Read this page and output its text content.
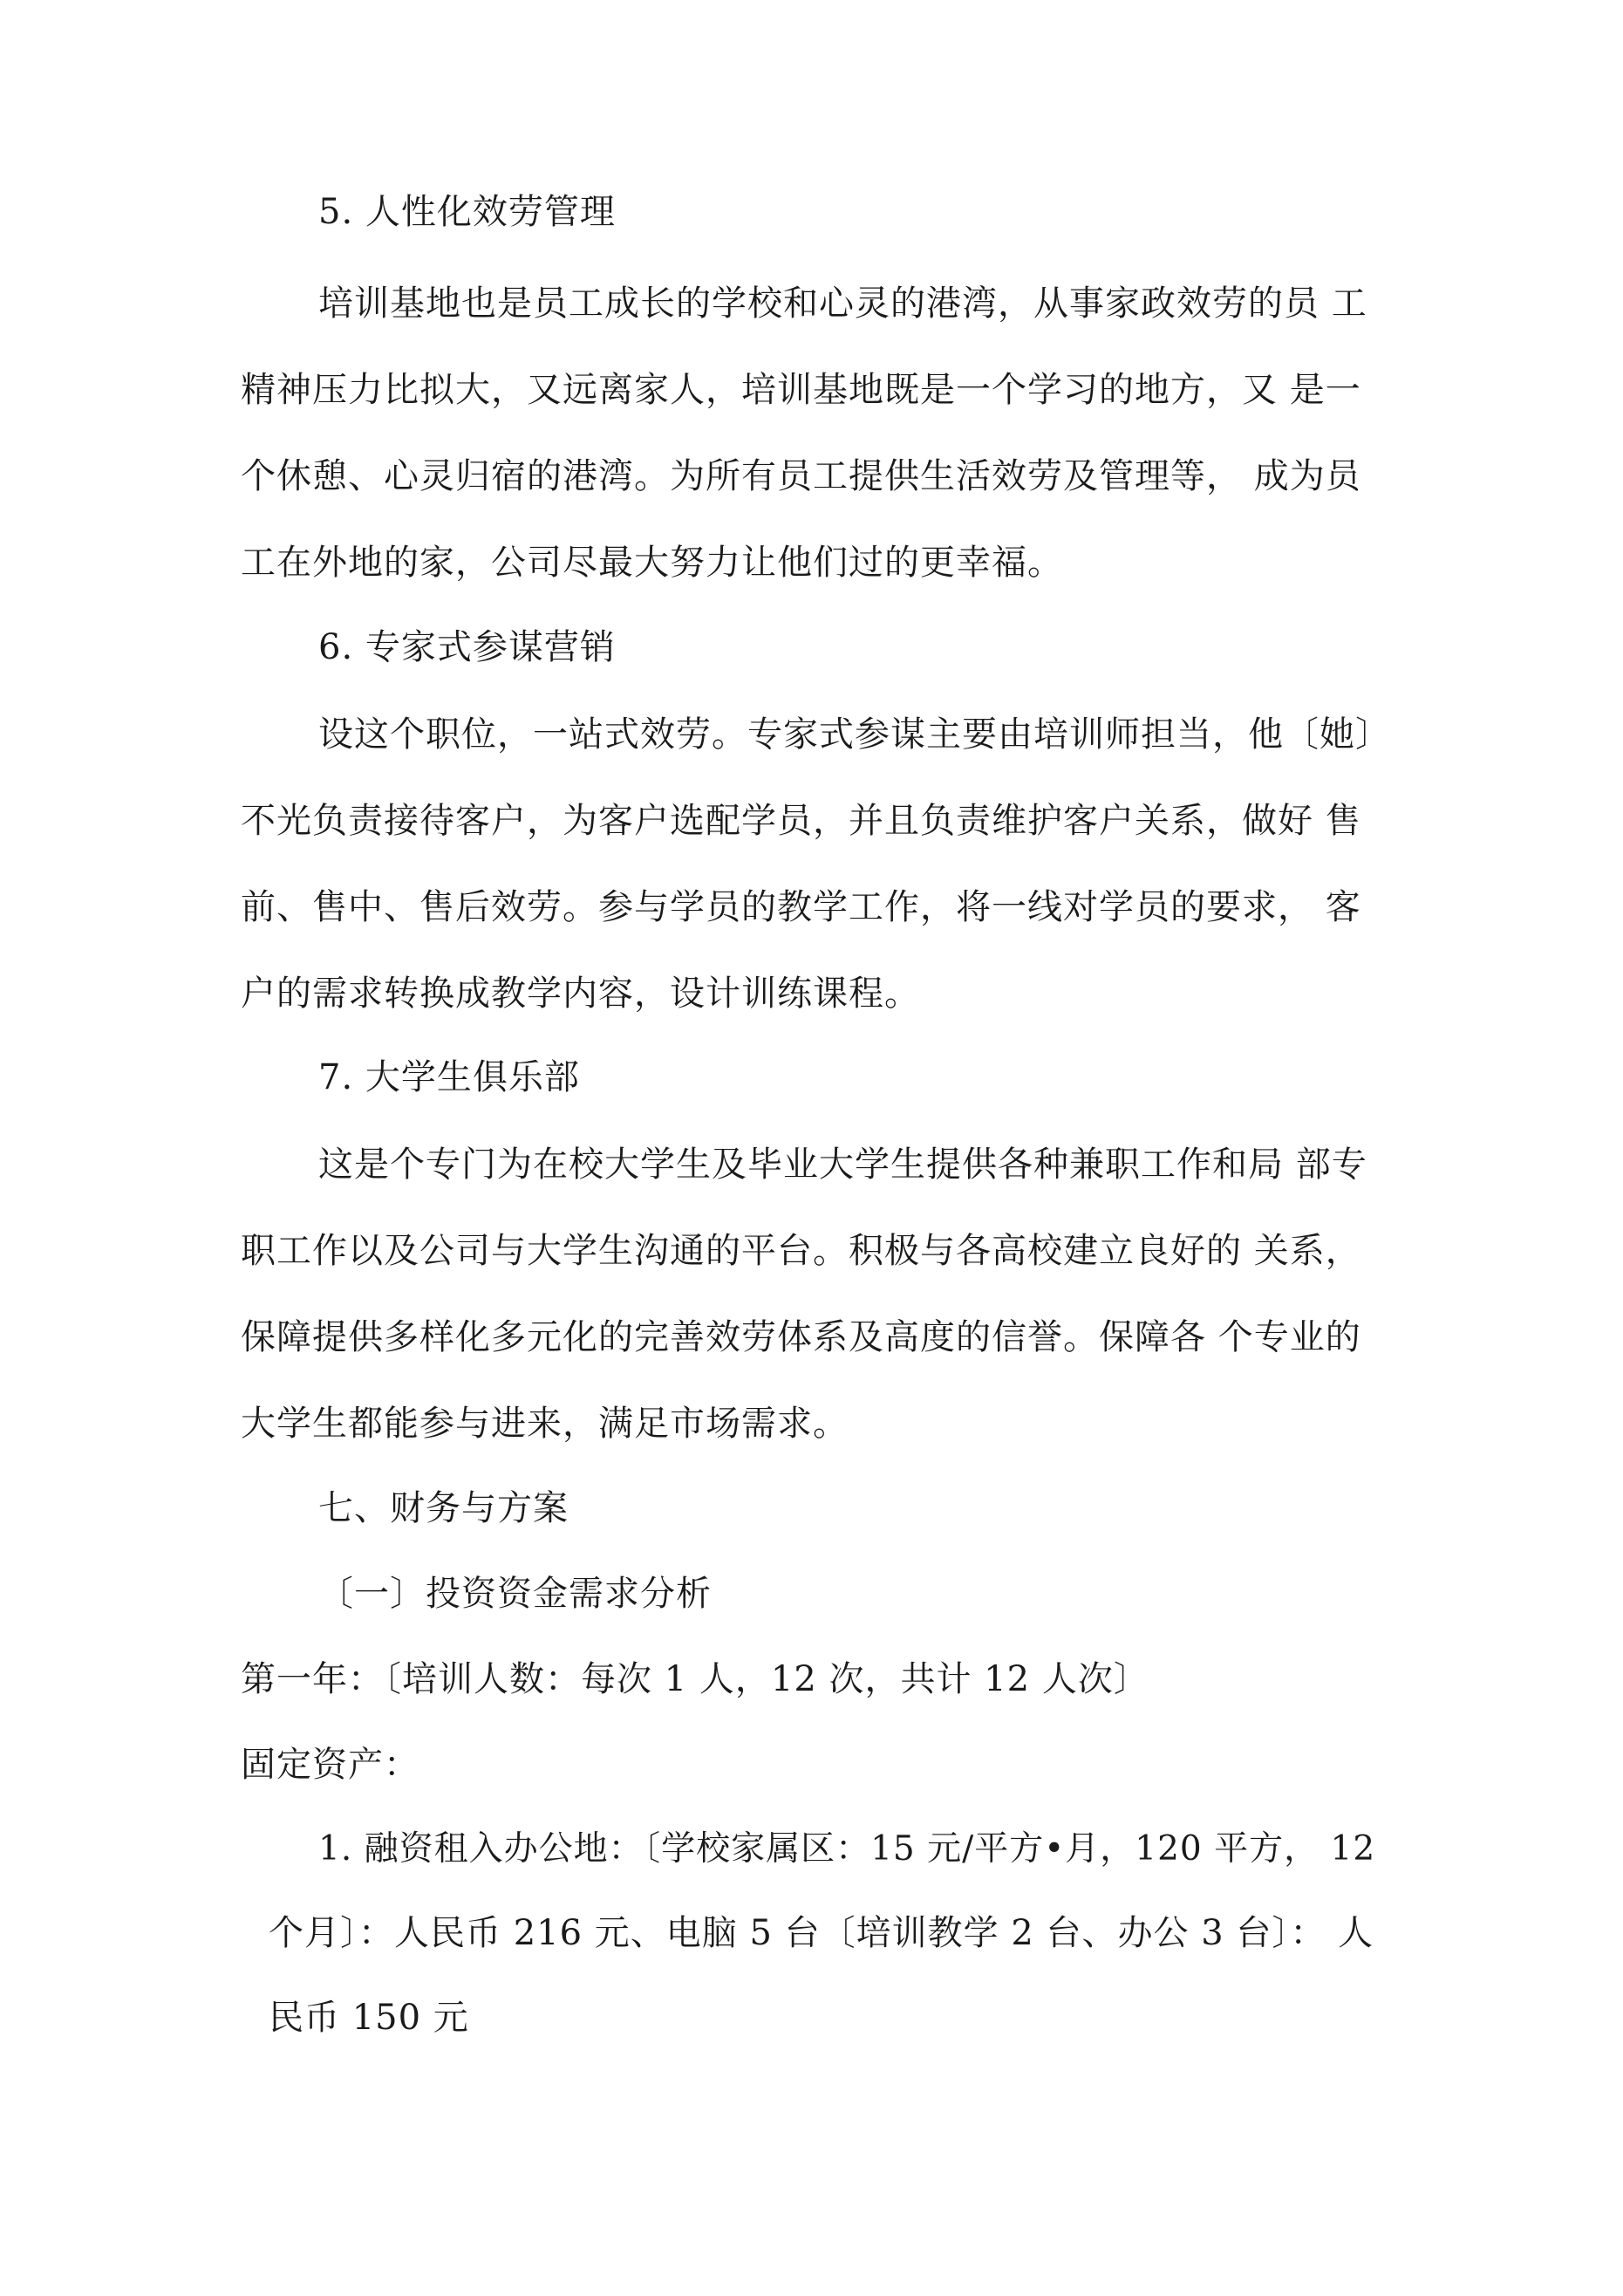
5. 人性化效劳管理
培训基地也是员工成长的学校和心灵的港湾，从事家政效劳的员 工
精神压力比拟大，又远离家人，培训基地既是一个学习的地方，又 是一
个休憩、心灵归宿的港湾。为所有员工提供生活效劳及管理等， 成为员
工在外地的家，公司尽最大努力让他们过的更幸福。
6. 专家式参谋营销
设这个职位，一站式效劳。专家式参谋主要由培训师担当，他〔她〕
不光负责接待客户，为客户选配学员，并且负责维护客户关系，做好 售
前、售中、售后效劳。参与学员的教学工作，将一线对学员的要求， 客
户的需求转换成教学内容，设计训练课程。
7. 大学生俱乐部
这是个专门为在校大学生及毕业大学生提供各种兼职工作和局 部专
职工作以及公司与大学生沟通的平台。积极与各高校建立良好的 关系，
保障提供多样化多元化的完善效劳体系及高度的信誉。保障各 个专业的
大学生都能参与进来，满足市场需求。
七、财务与方案
〔一〕投资资金需求分析
第一年：〔培训人数：每次 1 人，12 次，共计 12 人次〕
固定资产：
1. 融资租入办公地：〔学校家属区：15 元/平方•月，120 平方， 12
个月〕：人民币 216 元、电脑 5 台〔培训教学 2 台、办公 3 台〕： 人
民币 150 元
